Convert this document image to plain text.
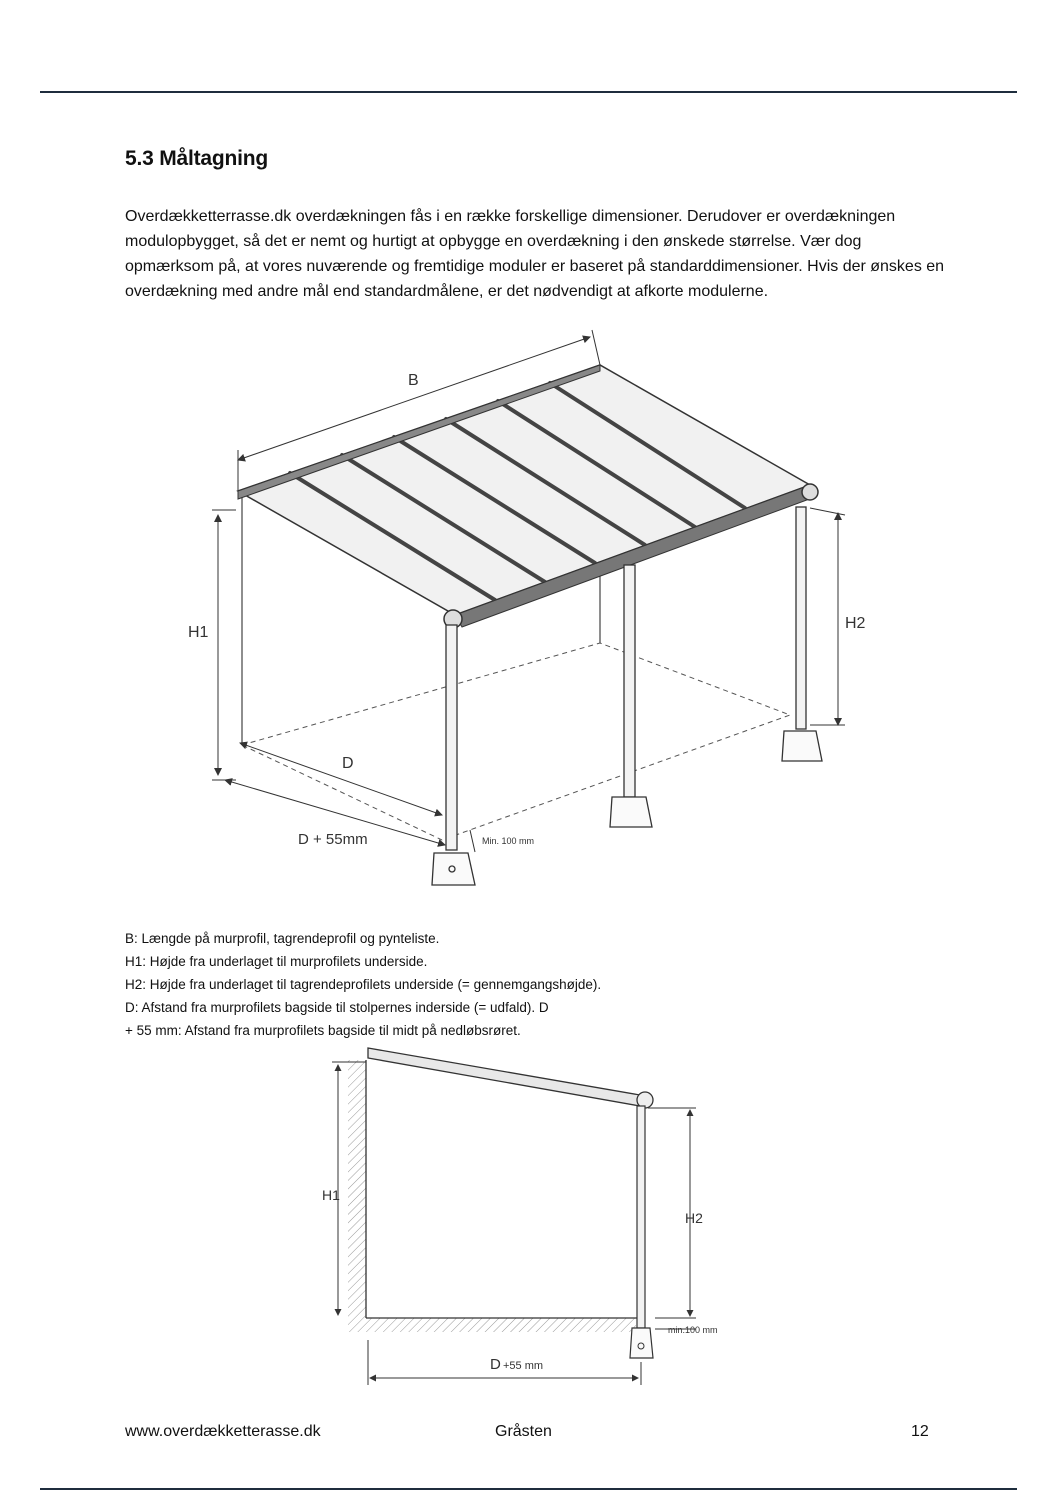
5.3 Måltagning

Overdækketterrasse.dk overdækningen fås i en række forskellige dimensioner. Derudover er overdækningen modulopbygget, så det er nemt og hurtigt at opbygge en overdækning i den ønskede størrelse. Vær dog opmærksom på, at vores nuværende og fremtidige moduler er baseret på standarddimensioner. Hvis der ønskes en overdækning med andre mål end standardmålene, er det nødvendigt at afkorte modulerne.

B
H1
H2
D
D + 55mm	Min. 100 mm
B: Længde på murprofil, tagrendeprofil og pynteliste.
H1: Højde fra underlaget til murprofilets underside.
H2: Højde fra underlaget til tagrendeprofilets underside (= gennemgangshøjde).
D: Afstand fra murprofilets bagside til stolpernes inderside (= udfald). D
+ 55 mm: Afstand fra murprofilets bagside til midt på nedløbsrøret.
H1
H2
min.100 mm
D +55 mm
www.overdækketterasse.dk	Gråsten	12
